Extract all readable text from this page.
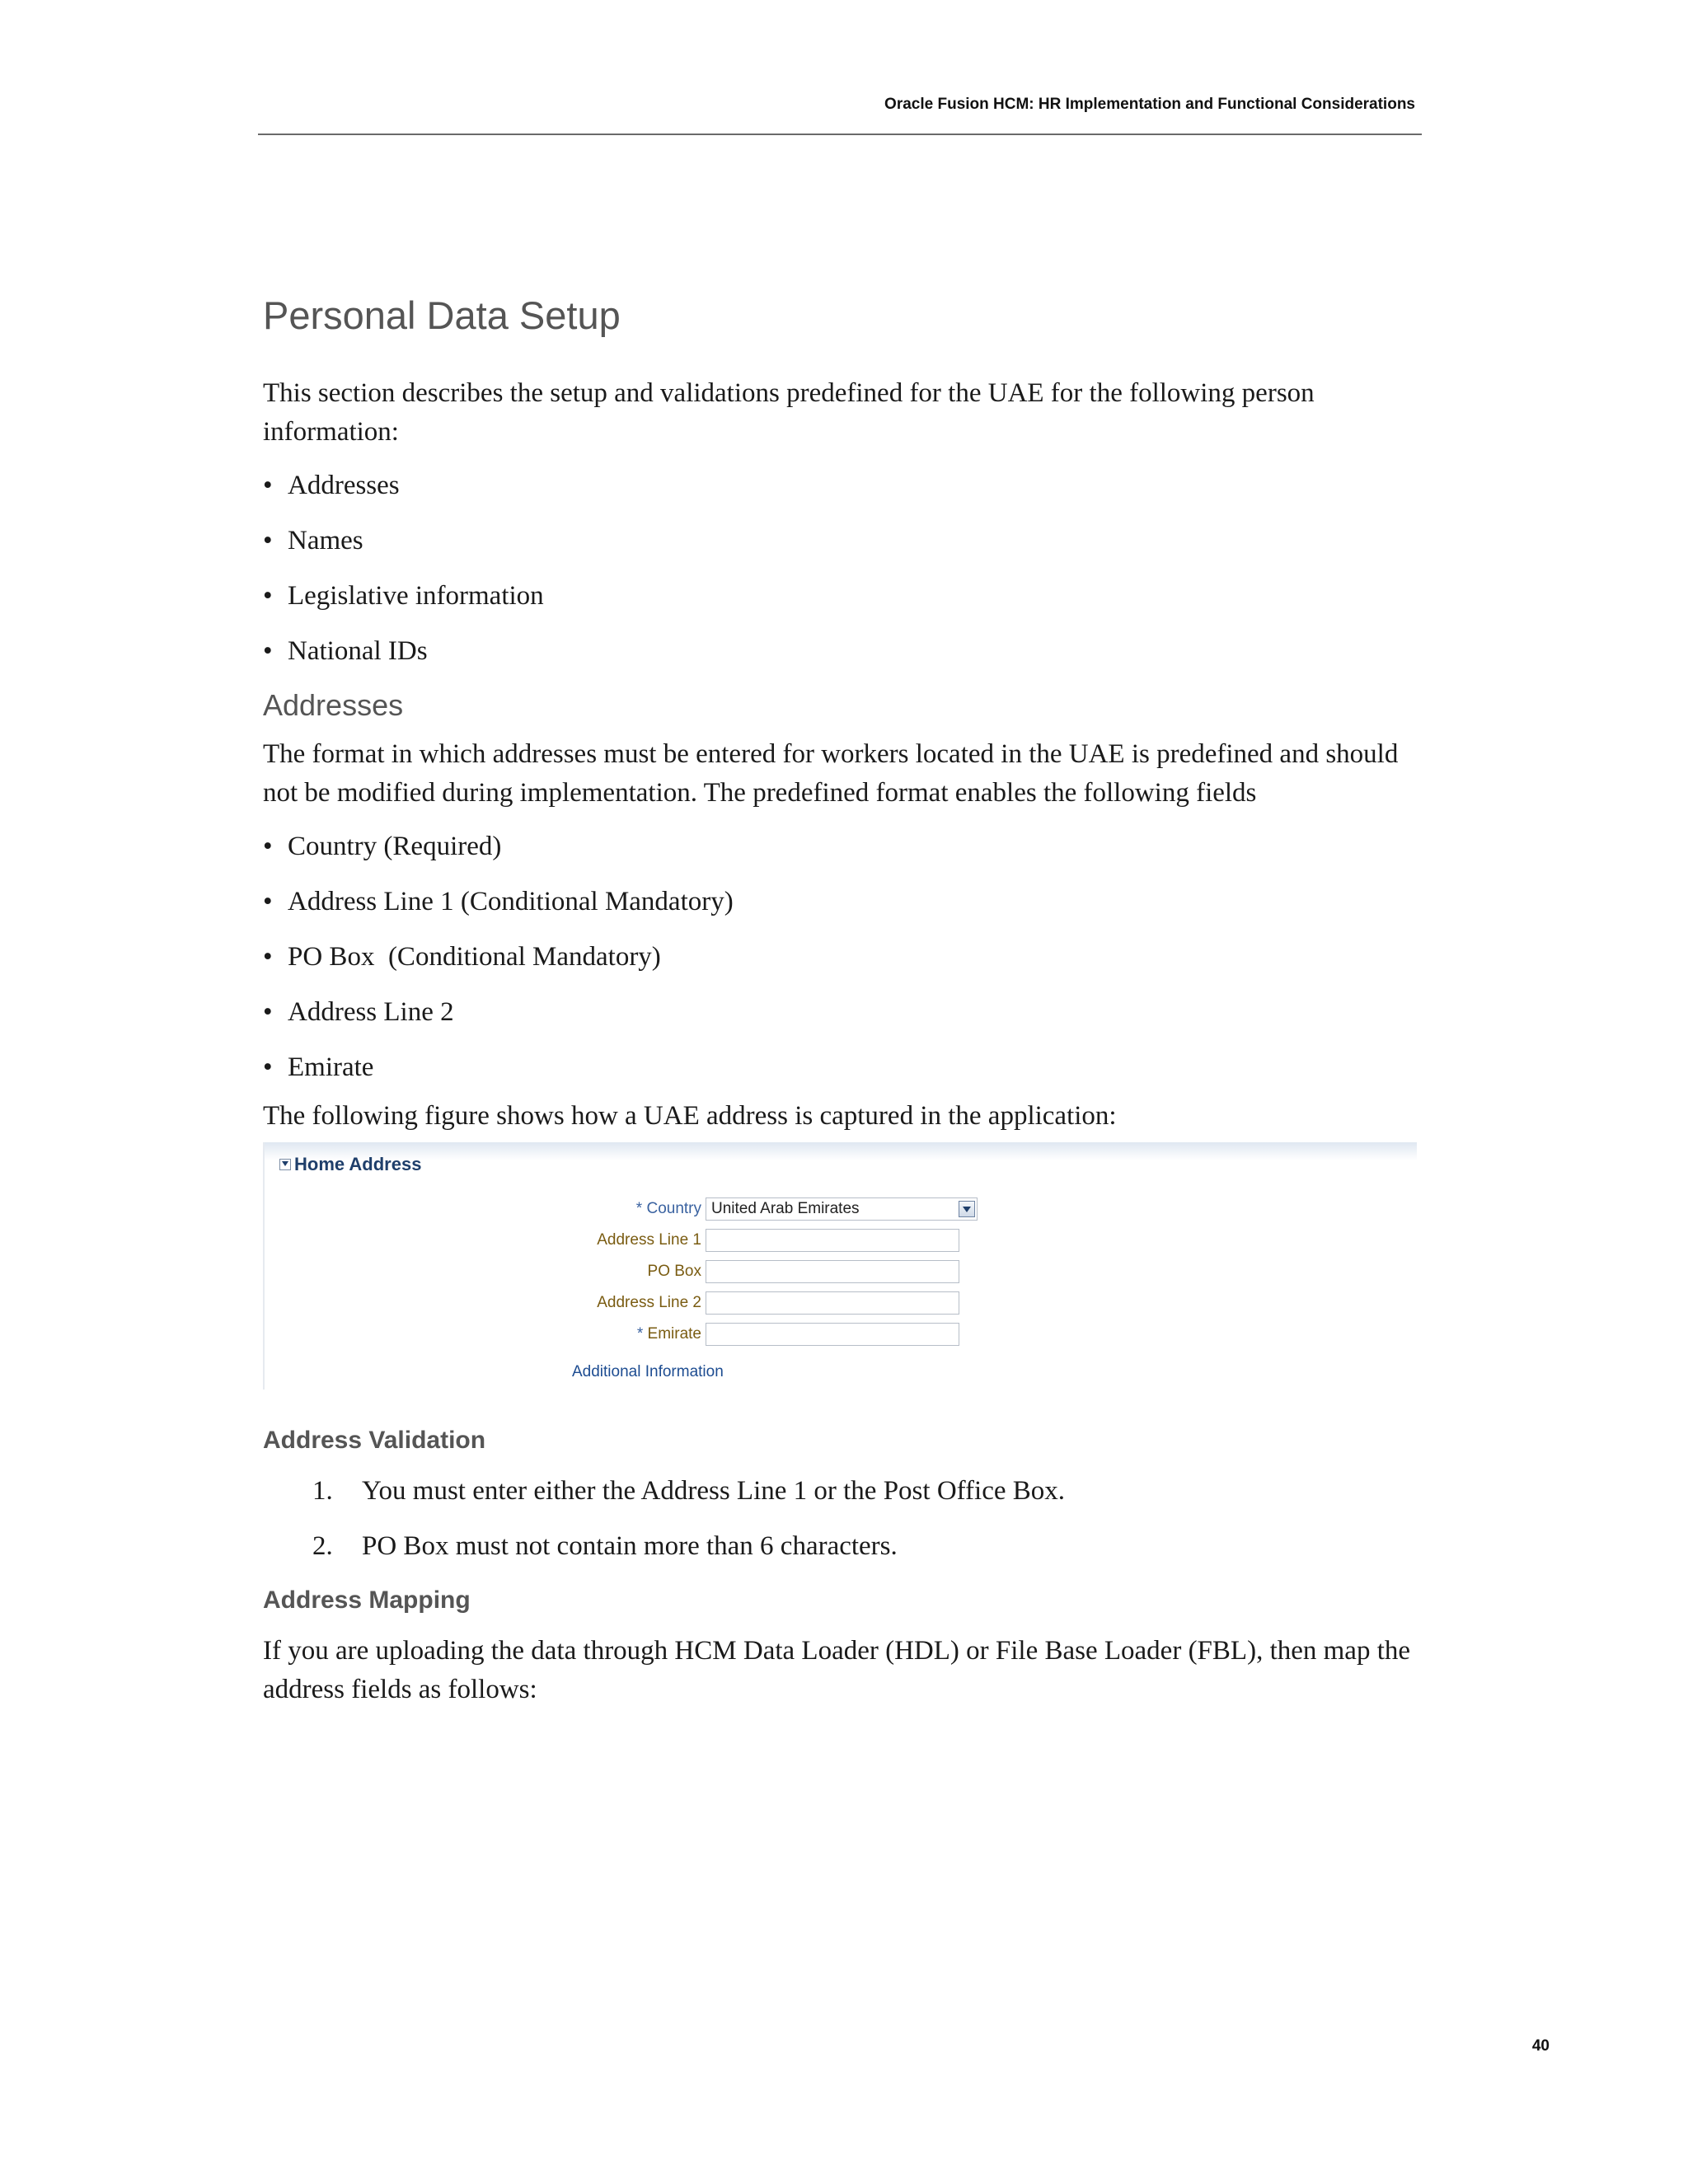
Oracle Fusion HCM: HR Implementation and Functional Considerations
Personal Data Setup

This section describes the setup and validations predefined for the UAE for the following person information:

• Addresses
• Names
• Legislative information
• National IDs
Addresses

The format in which addresses must be entered for workers located in the UAE is predefined and should not be modified during implementation. The predefined format enables the following fields

• Country (Required)
• Address Line 1 (Conditional Mandatory)
• PO Box  (Conditional Mandatory)
• Address Line 2
• Emirate

The following figure shows how a UAE address is captured in the application:

Home Address
* Country United Arab Emirates
Address Line 1
PO Box
Address Line 2
* Emirate
Additional Information
Address Validation
1. You must enter either the Address Line 1 or the Post Office Box.
2. PO Box must not contain more than 6 characters.
Address Mapping

If you are uploading the data through HCM Data Loader (HDL) or File Base Loader (FBL), then map the address fields as follows:

40
